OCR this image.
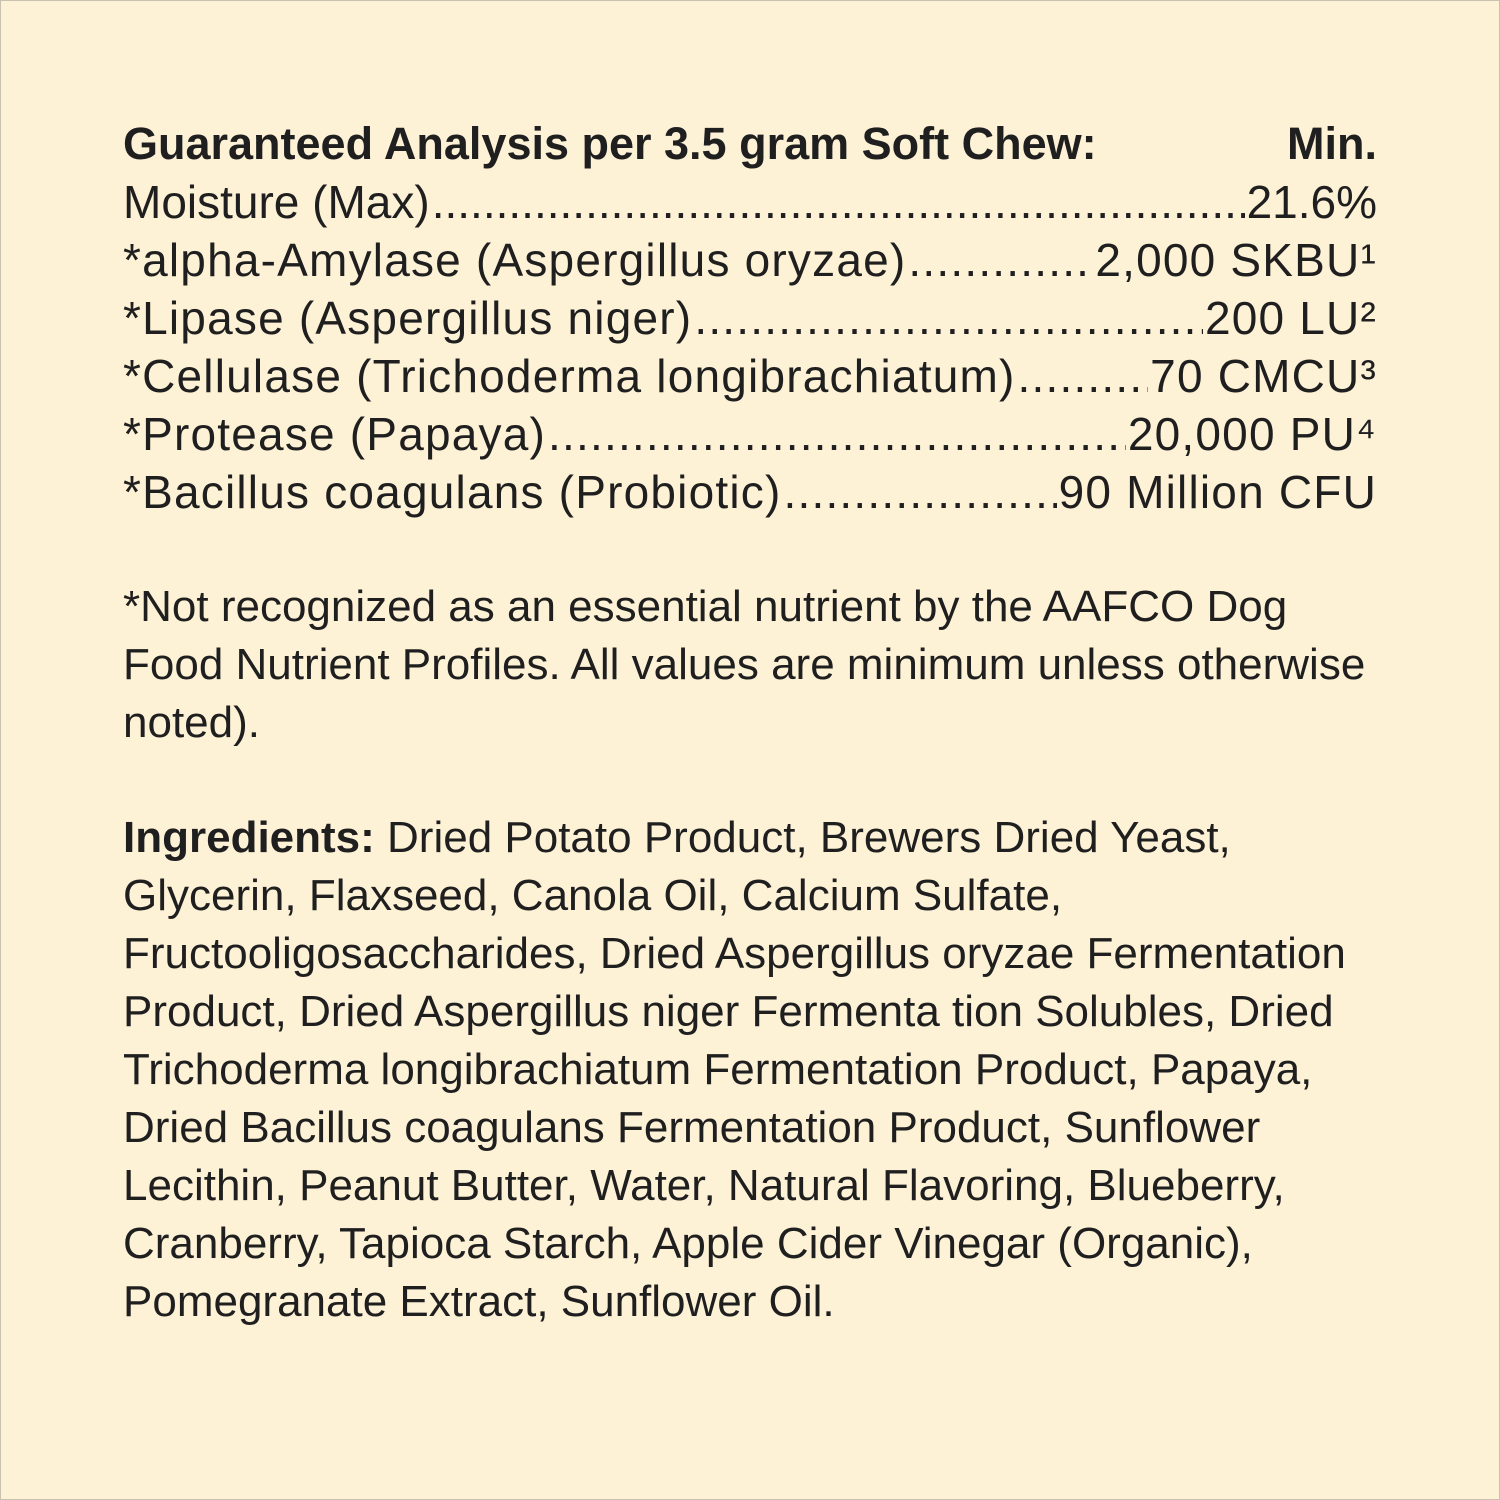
Guaranteed Analysis per 3.5 gram Soft Chew:	Min.
Moisture (Max) .....	21.6%
*alpha-Amylase (Aspergillus oryzae) .....	2,000 SKBU¹
*Lipase (Aspergillus niger) .....	200 LU²
*Cellulase (Trichoderma longibrachiatum) .....	70 CMCU³
*Protease (Papaya) .....	20,000 PU⁴
*Bacillus coagulans (Probiotic) .....	90 Million CFU
*Not recognized as an essential nutrient by the AAFCO Dog Food Nutrient Profiles. All values are minimum unless otherwise noted).
Ingredients: Dried Potato Product, Brewers Dried Yeast, Glycerin, Flaxseed, Canola Oil, Calcium Sulfate, Fructooligosaccharides, Dried Aspergillus oryzae Fermentation Product, Dried Aspergillus niger Fermenta tion Solubles, Dried Trichoderma longibrachiatum Fermentation Product, Papaya, Dried Bacillus coagulans Fermentation Product, Sunflower Lecithin, Peanut Butter, Water, Natural Flavoring, Blueberry, Cranberry, Tapioca Starch, Apple Cider Vinegar (Organic), Pomegranate Extract, Sunflower Oil.
